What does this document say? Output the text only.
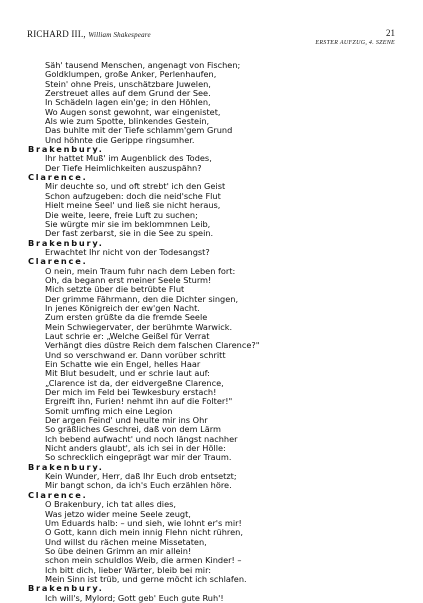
RICHARD III., William Shakespeare	21
ERSTER AUFZUG, 4. SZENE
Säh' tausend Menschen, angenagt von Fischen;
Goldklumpen, große Anker, Perlenhaufen,
Stein' ohne Preis, unschätzbare Juwelen,
Zerstreuet alles auf dem Grund der See.
In Schädeln lagen ein'ge; in den Höhlen,
Wo Augen sonst gewohnt, war eingenistet,
Als wie zum Spotte, blinkendes Gestein,
Das buhlte mit der Tiefe schlamm'gem Grund
Und höhnte die Gerippe ringsumher.
Brakenbury.
Ihr hattet Muß' im Augenblick des Todes,
Der Tiefe Heimlichkeiten auszuspähn?
Clarence.
Mir deuchte so, und oft strebt' ich den Geist
Schon aufzugeben: doch die neid'sche Flut
Hielt meine Seel' und ließ sie nicht heraus,
Die weite, leere, freie Luft zu suchen;
Sie würgte mir sie im beklommnen Leib,
Der fast zerbarst, sie in die See zu spein.
Brakenbury.
Erwachtet Ihr nicht von der Todesangst?
Clarence.
O nein, mein Traum fuhr nach dem Leben fort:
Oh, da begann erst meiner Seele Sturm!
Mich setzte über die betrübte Flut
Der grimme Fährmann, den die Dichter singen,
In jenes Königreich der ew'gen Nacht.
Zum ersten grüßte da die fremde Seele
Mein Schwiegervater, der berühmte Warwick.
Laut schrie er: „Welche Geißel für Verrat
Verhängt dies düstre Reich dem falschen Clarence?"
Und so verschwand er. Dann vorüber schritt
Ein Schatte wie ein Engel, helles Haar
Mit Blut besudelt, und er schrie laut auf:
„Clarence ist da, der eidvergeßne Clarence,
Der mich im Feld bei Tewkesbury erstach!
Ergreift ihn, Furien! nehmt ihn auf die Folter!"
Somit umfing mich eine Legion
Der argen Feind' und heulte mir ins Ohr
So gräßliches Geschrei, daß von dem Lärm
Ich bebend aufwacht' und noch längst nachher
Nicht anders glaubt', als ich sei in der Hölle:
So schrecklich eingeprägt war mir der Traum.
Brakenbury.
Kein Wunder, Herr, daß Ihr Euch drob entsetzt;
Mir bangt schon, da ich's Euch erzählen höre.
Clarence.
O Brakenbury, ich tat alles dies,
Was jetzo wider meine Seele zeugt,
Um Eduards halb: – und sieh, wie lohnt er's mir!
O Gott, kann dich mein innig Flehn nicht rühren,
Und willst du rächen meine Missetaten,
So übe deinen Grimm an mir allein!
schon mein schuldlos Weib, die armen Kinder! –
Ich bitt dich, lieber Wärter, bleib bei mir:
Mein Sinn ist trüb, und gerne möcht ich schlafen.
Brakenbury.
Ich will's, Mylord; Gott geb' Euch gute Ruh'!
